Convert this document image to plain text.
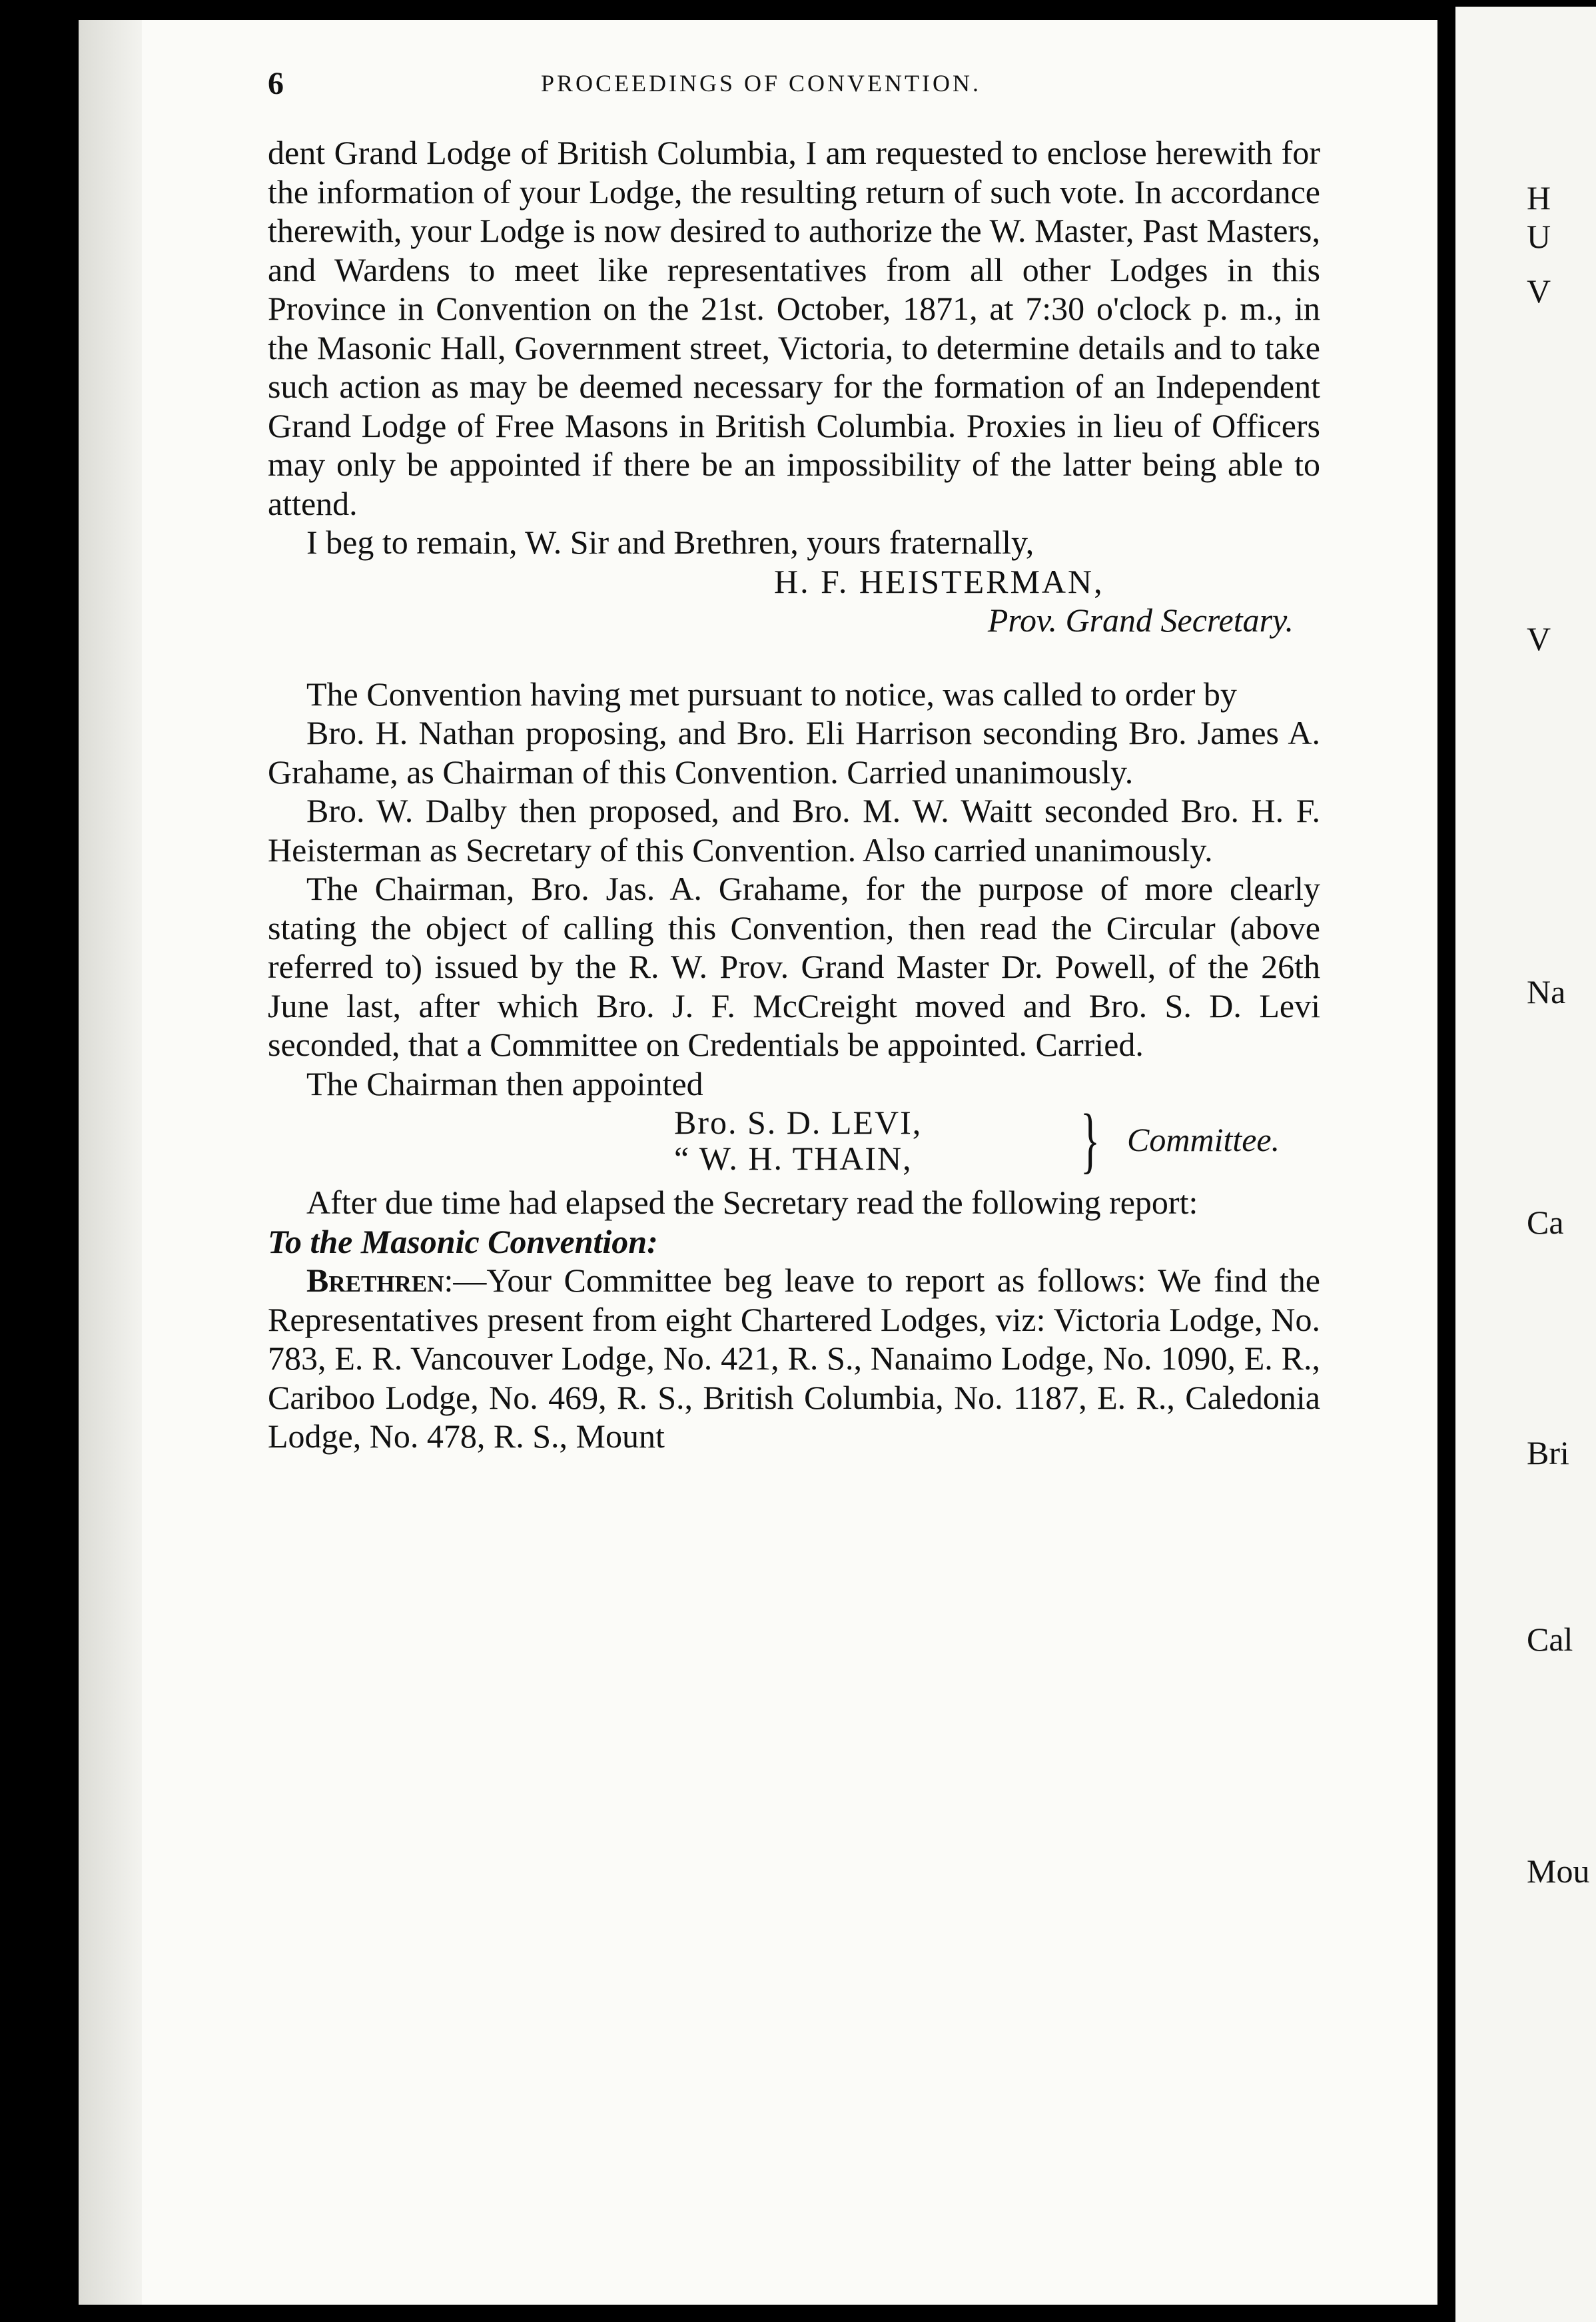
6	PROCEEDINGS OF CONVENTION.

dent Grand Lodge of British Columbia, I am requested to enclose herewith for the information of your Lodge, the resulting return of such vote. In accordance therewith, your Lodge is now desired to authorize the W. Master, Past Masters, and Wardens to meet like representatives from all other Lodges in this Province in Convention on the 21st. October, 1871, at 7:30 o'clock p. m., in the Masonic Hall, Government street, Victoria, to determine details and to take such action as may be deemed necessary for the formation of an Independent Grand Lodge of Free Masons in British Columbia. Proxies in lieu of Officers may only be appointed if there be an impossibility of the latter being able to attend.

I beg to remain, W. Sir and Brethren, yours fraternally,

H. F. HEISTERMAN,

Prov. Grand Secretary.

The Convention having met pursuant to notice, was called to order by

Bro. H. Nathan proposing, and Bro. Eli Harrison seconding Bro. James A. Grahame, as Chairman of this Convention. Carried unanimously.

Bro. W. Dalby then proposed, and Bro. M. W. Waitt seconded Bro. H. F. Heisterman as Secretary of this Convention. Also carried unanimously.

The Chairman, Bro. Jas. A. Grahame, for the purpose of more clearly stating the object of calling this Convention, then read the Circular (above referred to) issued by the R. W. Prov. Grand Master Dr. Powell, of the 26th June last, after which Bro. J. F. McCreight moved and Bro. S. D. Levi seconded, that a Committee on Credentials be appointed. Carried.

The Chairman then appointed

Bro. S. D. LEVI,
“ W. H. THAIN, } Committee.

After due time had elapsed the Secretary read the following report:

To the Masonic Convention:

Brethren:—Your Committee beg leave to report as follows: We find the Representatives present from eight Chartered Lodges, viz: Victoria Lodge, No. 783, E. R. Vancouver Lodge, No. 421, R. S., Nanaimo Lodge, No. 1090, E. R., Cariboo Lodge, No. 469, R. S., British Columbia, No. 1187, E. R., Caledonia Lodge, No. 478, R. S., Mount

H
U
V
V
Na
Ca
Bri
Cal
Mou
